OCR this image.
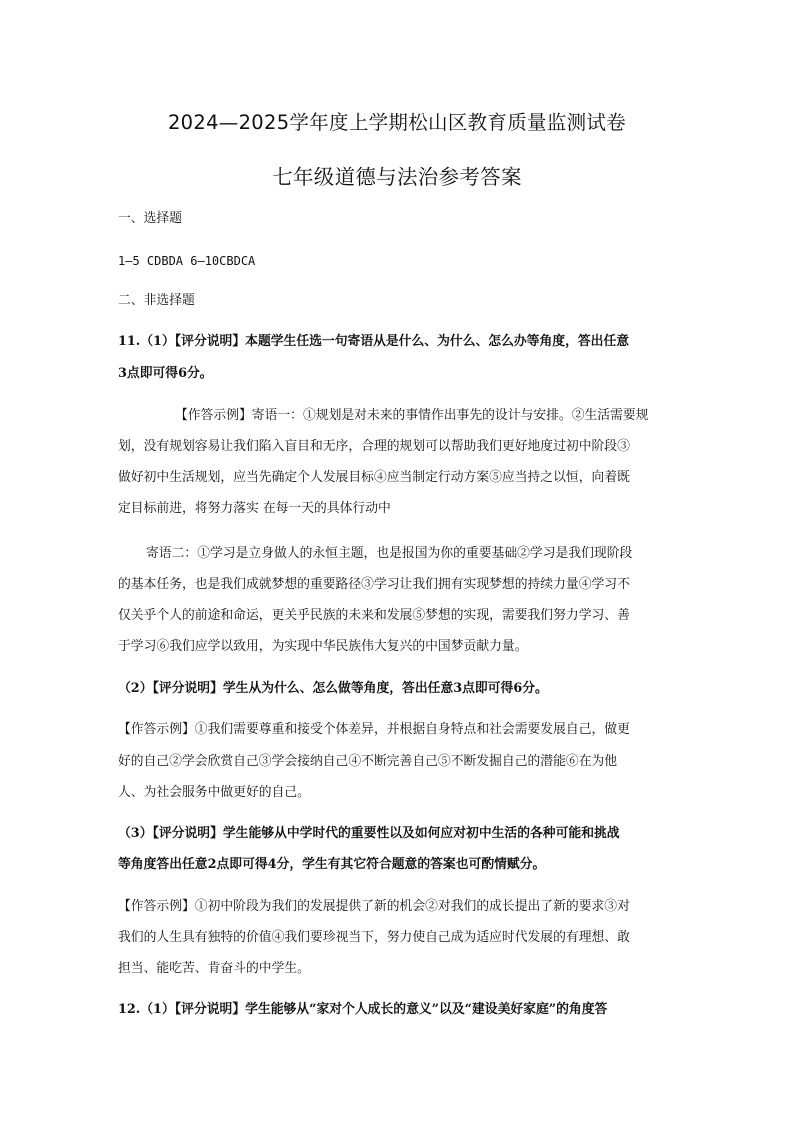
2024—2025学年度上学期松山区教育质量监测试卷
七年级道德与法治参考答案
一、选择题
1—5 CDBDA 6—10CBDCA
二、非选择题
11.（1）【评分说明】本题学生任选一句寄语从是什么、为什么、怎么办等角度，答出任意
3点即可得6分。
【作答示例】寄语一：①规划是对未来的事情作出事先的设计与安排。②生活需要规
划，没有规划容易让我们陷入盲目和无序，合理的规划可以帮助我们更好地度过初中阶段③
做好初中生活规划，应当先确定个人发展目标④应当制定行动方案⑤应当持之以恒，向着既
定目标前进，将努力落实 在每一天的具体行动中
寄语二：①学习是立身做人的永恒主题，也是报国为你的重要基础②学习是我们现阶段
的基本任务，也是我们成就梦想的重要路径③学习让我们拥有实现梦想的持续力量④学习不
仅关乎个人的前途和命运，更关乎民族的未来和发展⑤梦想的实现，需要我们努力学习、善
于学习⑥我们应学以致用，为实现中华民族伟大复兴的中国梦贡献力量。
（2）【评分说明】学生从为什么、怎么做等角度，答出任意3点即可得6分。
【作答示例】①我们需要尊重和接受个体差异，并根据自身特点和社会需要发展自己，做更
好的自己②学会欣赏自己③学会接纳自己④不断完善自己⑤不断发掘自己的潜能⑥在为他
人、为社会服务中做更好的自己。
（3）【评分说明】学生能够从中学时代的重要性以及如何应对初中生活的各种可能和挑战
等角度答出任意2点即可得4分，学生有其它符合题意的答案也可酌情赋分。
【作答示例】①初中阶段为我们的发展提供了新的机会②对我们的成长提出了新的要求③对
我们的人生具有独特的价值④我们要珍视当下，努力使自己成为适应时代发展的有理想、敢
担当、能吃苦、肯奋斗的中学生。
12.（1）【评分说明】学生能够从“家对个人成长的意义”以及“建设美好家庭”的角度答
